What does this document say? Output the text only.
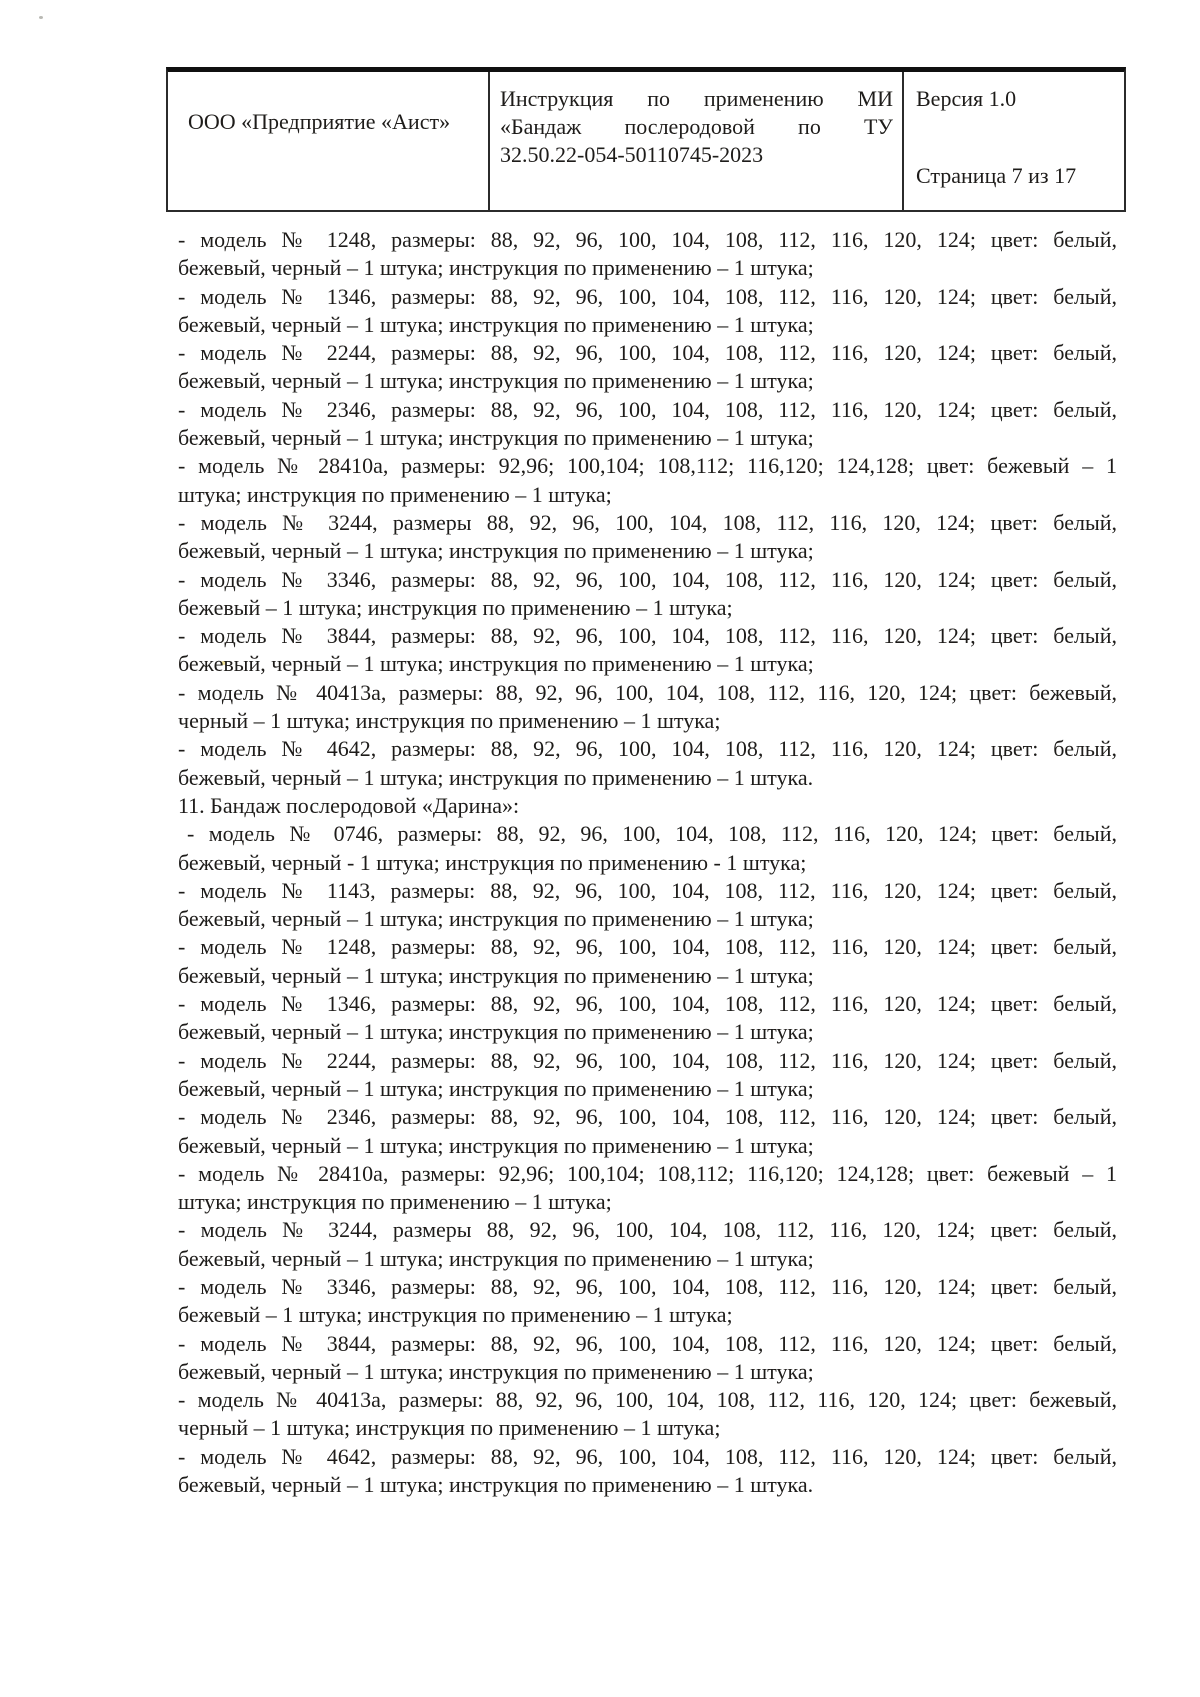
ООО «Предприятие «Аист»
Инструкция по применению МИ
«Бандаж послеродовой по ТУ
32.50.22-054-50110745-2023
Версия 1.0
Страница 7 из 17
- модель № 1248, размеры: 88, 92, 96, 100, 104, 108, 112, 116, 120, 124; цвет: белый,
бежевый, черный – 1 штука; инструкция по применению – 1 штука;
- модель № 1346, размеры: 88, 92, 96, 100, 104, 108, 112, 116, 120, 124; цвет: белый,
бежевый, черный – 1 штука; инструкция по применению – 1 штука;
- модель № 2244, размеры: 88, 92, 96, 100, 104, 108, 112, 116, 120, 124; цвет: белый,
бежевый, черный – 1 штука; инструкция по применению – 1 штука;
- модель № 2346, размеры: 88, 92, 96, 100, 104, 108, 112, 116, 120, 124; цвет: белый,
бежевый, черный – 1 штука; инструкция по применению – 1 штука;
- модель № 28410а, размеры: 92,96; 100,104; 108,112; 116,120; 124,128; цвет: бежевый – 1
штука; инструкция по применению – 1 штука;
- модель № 3244, размеры 88, 92, 96, 100, 104, 108, 112, 116, 120, 124; цвет: белый,
бежевый, черный – 1 штука; инструкция по применению – 1 штука;
- модель № 3346, размеры: 88, 92, 96, 100, 104, 108, 112, 116, 120, 124; цвет: белый,
бежевый – 1 штука; инструкция по применению – 1 штука;
- модель № 3844, размеры: 88, 92, 96, 100, 104, 108, 112, 116, 120, 124; цвет: белый,
бежевый, черный – 1 штука; инструкция по применению – 1 штука;
- модель № 40413а, размеры: 88, 92, 96, 100, 104, 108, 112, 116, 120, 124; цвет: бежевый,
черный – 1 штука; инструкция по применению – 1 штука;
- модель № 4642, размеры: 88, 92, 96, 100, 104, 108, 112, 116, 120, 124; цвет: белый,
бежевый, черный – 1 штука; инструкция по применению – 1 штука.
11. Бандаж послеродовой «Дарина»:
- модель № 0746, размеры: 88, 92, 96, 100, 104, 108, 112, 116, 120, 124; цвет: белый,
бежевый, черный - 1 штука; инструкция по применению - 1 штука;
- модель № 1143, размеры: 88, 92, 96, 100, 104, 108, 112, 116, 120, 124; цвет: белый,
бежевый, черный – 1 штука; инструкция по применению – 1 штука;
- модель № 1248, размеры: 88, 92, 96, 100, 104, 108, 112, 116, 120, 124; цвет: белый,
бежевый, черный – 1 штука; инструкция по применению – 1 штука;
- модель № 1346, размеры: 88, 92, 96, 100, 104, 108, 112, 116, 120, 124; цвет: белый,
бежевый, черный – 1 штука; инструкция по применению – 1 штука;
- модель № 2244, размеры: 88, 92, 96, 100, 104, 108, 112, 116, 120, 124; цвет: белый,
бежевый, черный – 1 штука; инструкция по применению – 1 штука;
- модель № 2346, размеры: 88, 92, 96, 100, 104, 108, 112, 116, 120, 124; цвет: белый,
бежевый, черный – 1 штука; инструкция по применению – 1 штука;
- модель № 28410а, размеры: 92,96; 100,104; 108,112; 116,120; 124,128; цвет: бежевый – 1
штука; инструкция по применению – 1 штука;
- модель № 3244, размеры 88, 92, 96, 100, 104, 108, 112, 116, 120, 124; цвет: белый,
бежевый, черный – 1 штука; инструкция по применению – 1 штука;
- модель № 3346, размеры: 88, 92, 96, 100, 104, 108, 112, 116, 120, 124; цвет: белый,
бежевый – 1 штука; инструкция по применению – 1 штука;
- модель № 3844, размеры: 88, 92, 96, 100, 104, 108, 112, 116, 120, 124; цвет: белый,
бежевый, черный – 1 штука; инструкция по применению – 1 штука;
- модель № 40413а, размеры: 88, 92, 96, 100, 104, 108, 112, 116, 120, 124; цвет: бежевый,
черный – 1 штука; инструкция по применению – 1 штука;
- модель № 4642, размеры: 88, 92, 96, 100, 104, 108, 112, 116, 120, 124; цвет: белый,
бежевый, черный – 1 штука; инструкция по применению – 1 штука.
